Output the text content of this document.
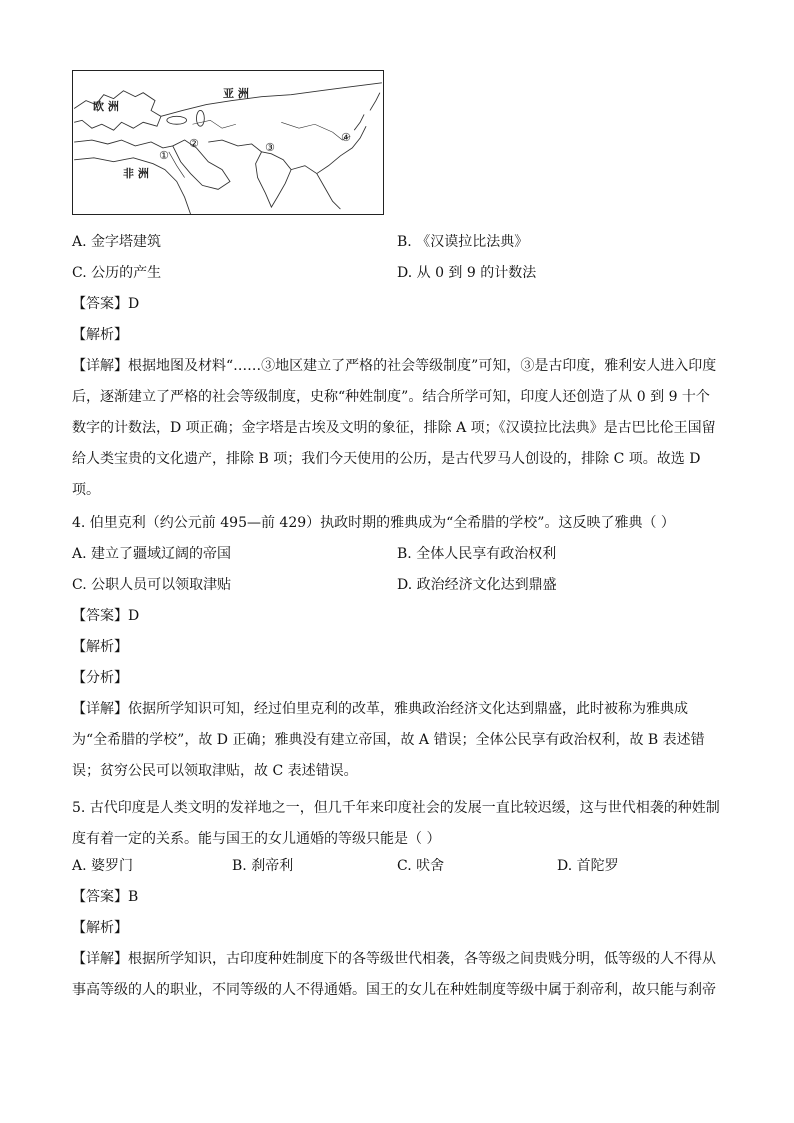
亚 洲
欧 洲
非 洲
①
②	③
④
A. 金字塔建筑	B. 《汉谟拉比法典》
C. 公历的产生	D. 从 0 到 9 的计数法
【答案】D
【解析】
【详解】根据地图及材料“……③地区建立了严格的社会等级制度”可知，③是古印度，雅利安人进入印度后，逐渐建立了严格的社会等级制度，史称“种姓制度”。结合所学可知，印度人还创造了从 0 到 9 十个数字的计数法，D 项正确；金字塔是古埃及文明的象征，排除 A 项；《汉谟拉比法典》是古巴比伦王国留给人类宝贵的文化遗产，排除 B 项；我们今天使用的公历，是古代罗马人创设的，排除 C 项。故选 D 项。
4. 伯里克利（约公元前 495—前 429）执政时期的雅典成为“全希腊的学校”。这反映了雅典（ ）
A. 建立了疆域辽阔的帝国	B. 全体人民享有政治权利
C. 公职人员可以领取津贴	D. 政治经济文化达到鼎盛
【答案】D
【解析】
【分析】
【详解】依据所学知识可知，经过伯里克利的改革，雅典政治经济文化达到鼎盛，此时被称为雅典成为“全希腊的学校”，故 D 正确；雅典没有建立帝国，故 A 错误；全体公民享有政治权利，故 B 表述错误；贫穷公民可以领取津贴，故 C 表述错误。
5. 古代印度是人类文明的发祥地之一，但几千年来印度社会的发展一直比较迟缓，这与世代相袭的种姓制度有着一定的关系。能与国王的女儿通婚的等级只能是（ ）
A. 婆罗门	B. 刹帝利	C. 吠舍	D. 首陀罗
【答案】B
【解析】
【详解】根据所学知识，古印度种姓制度下的各等级世代相袭，各等级之间贵贱分明，低等级的人不得从事高等级的人的职业，不同等级的人不得通婚。国王的女儿在种姓制度等级中属于刹帝利，故只能与刹帝
